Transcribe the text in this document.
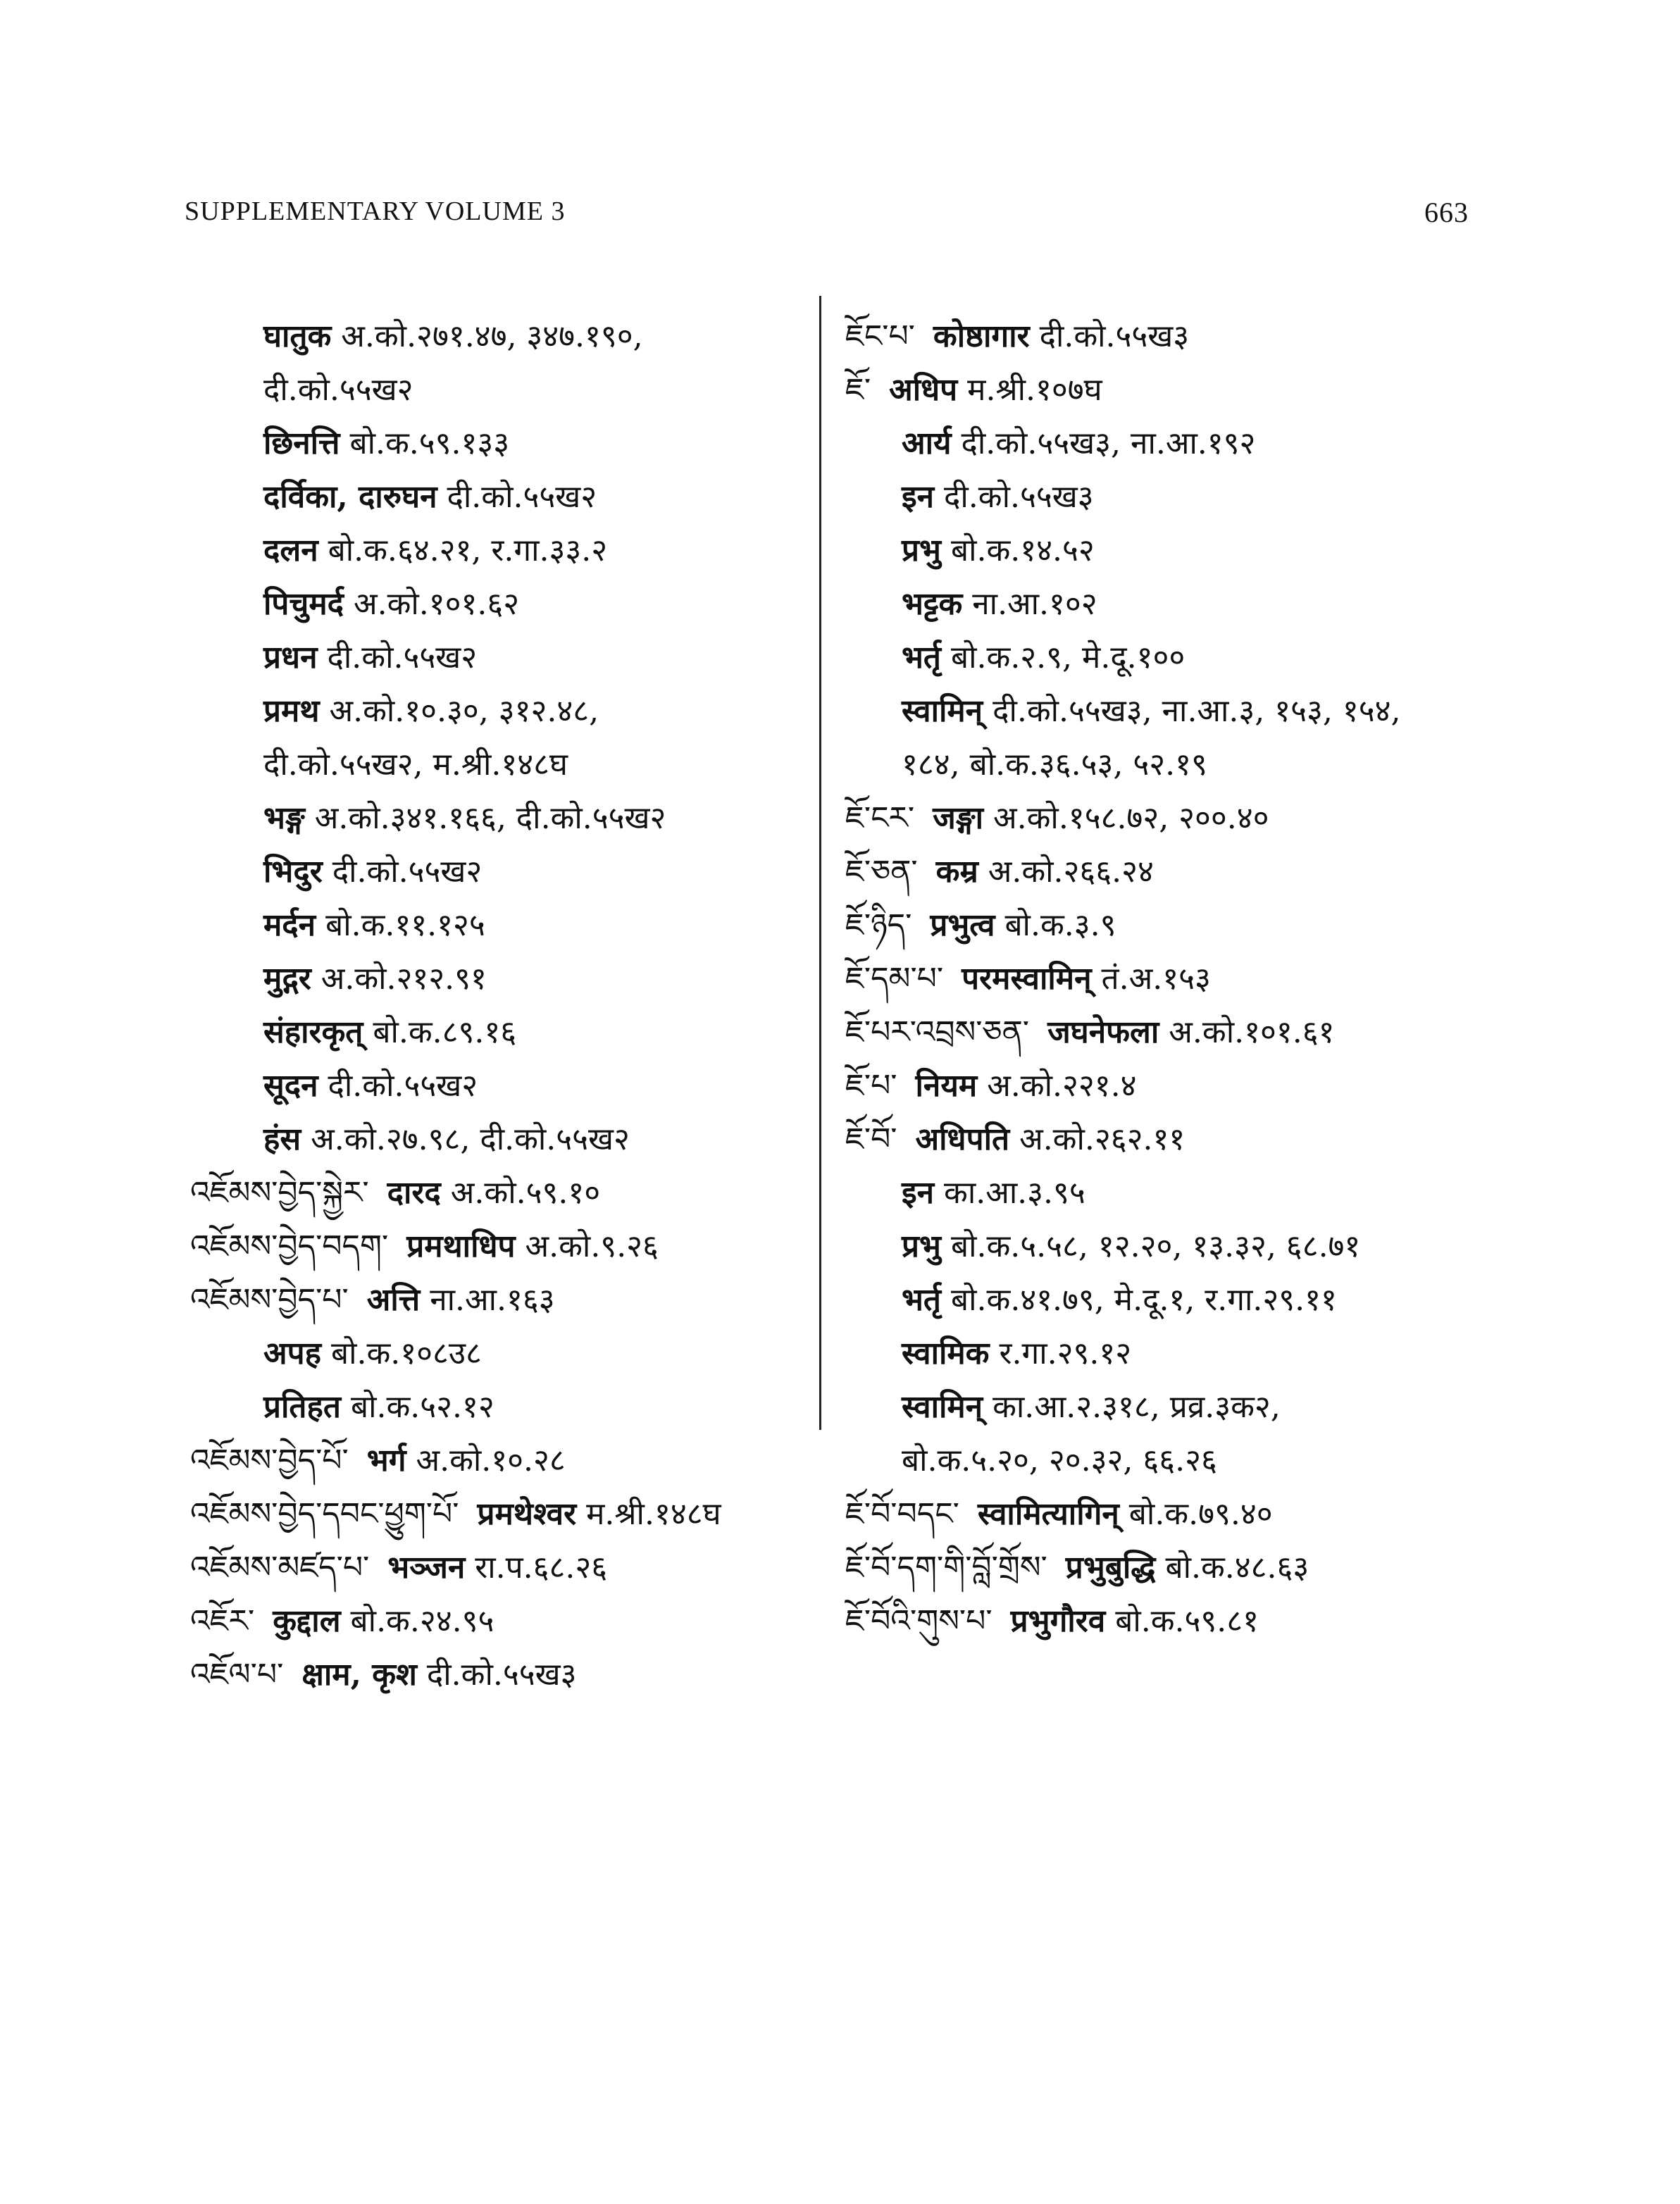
SUPPLEMENTARY VOLUME 3	663
घातुक अ.को.२७१.४७, ३४७.१९०,
दी.को.५५ख२
छिनत्ति बो.क.५९.१३३
दर्विका, दारुघन दी.को.५५ख२
दलन बो.क.६४.२१, र.गा.३३.२
पिचुमर्द अ.को.१०१.६२
प्रधन दी.को.५५ख२
प्रमथ अ.को.१०.३०, ३१२.४८,
दी.को.५५ख२, म.श्री.१४८घ
भङ्ग अ.को.३४१.१६६, दी.को.५५ख२
भिदुर दी.को.५५ख२
मर्दन बो.क.११.१२५
मुद्गर अ.को.२१२.९१
संहारकृत् बो.क.८९.१६
सूदन दी.को.५५ख२
हंस अ.को.२७.९८, दी.को.५५ख२
འཇོམས་བྱེད་སྐྱེར་ दारद अ.को.५९.१०
འཇོམས་བྱེད་བདག་ प्रमथाधिप अ.को.९.२६
འཇོམས་བྱེད་པ་ अत्ति ना.आ.१६३
अपह बो.क.१०८उ८
प्रतिहत बो.क.५२.१२
འཇོམས་བྱེད་པོ་ भर्ग अ.को.१०.२८
འཇོམས་བྱེད་དབང་ཕྱུག་པོ་ प्रमथेश्वर म.श्री.१४८घ
འཇོམས་མཛད་པ་ भञ्जन रा.प.६८.२६
འཇོར་ कुद्दाल बो.क.२४.९५
འཇོལ་པ་ क्षाम, कृश दी.को.५५ख३
ཇོང་པ་ कोष्ठागार दी.को.५५ख३
ཇོ་ अधिप म.श्री.१०७घ
आर्य दी.को.५५ख३, ना.आ.१९२
इन दी.को.५५ख३
प्रभु बो.क.१४.५२
भट्टक ना.आ.१०२
भर्तृ बो.क.२.९, मे.दू.१००
स्वामिन् दी.को.५५ख३, ना.आ.३, १५३, १५४,
१८४, बो.क.३६.५३, ५२.१९
ཇོ་ངར་ जङ्गा अ.को.१५८.७२, २००.४०
ཇོ་ཅན་ कम्र अ.को.२६६.२४
ཇོ་ཉིད་ प्रभुत्व बो.क.३.९
ཇོ་དམ་པ་ परमस्वामिन् तं.अ.१५३
ཇོ་པར་འབྲས་ཅན་ जघनेफला अ.को.१०१.६१
ཇོ་པ་ नियम अ.को.२२१.४
ཇོ་བོ་ अधिपति अ.को.२६२.११
इन का.आ.३.९५
प्रभु बो.क.५.५८, १२.२०, १३.३२, ६८.७१
भर्तृ बो.क.४१.७९, मे.दू.१, र.गा.२९.११
स्वामिक र.गा.२९.१२
स्वामिन् का.आ.२.३१८, प्रव्र.३क२,
बो.क.५.२०, २०.३२, ६६.२६
ཇོ་བོ་བདང་ स्वामित्यागिन् बो.क.७९.४०
ཇོ་བོ་དག་གི་བློ་གྲོས་ प्रभुबुद्धि बो.क.४८.६३
ཇོ་བོའི་གུས་པ་ प्रभुगौरव बो.क.५९.८१
